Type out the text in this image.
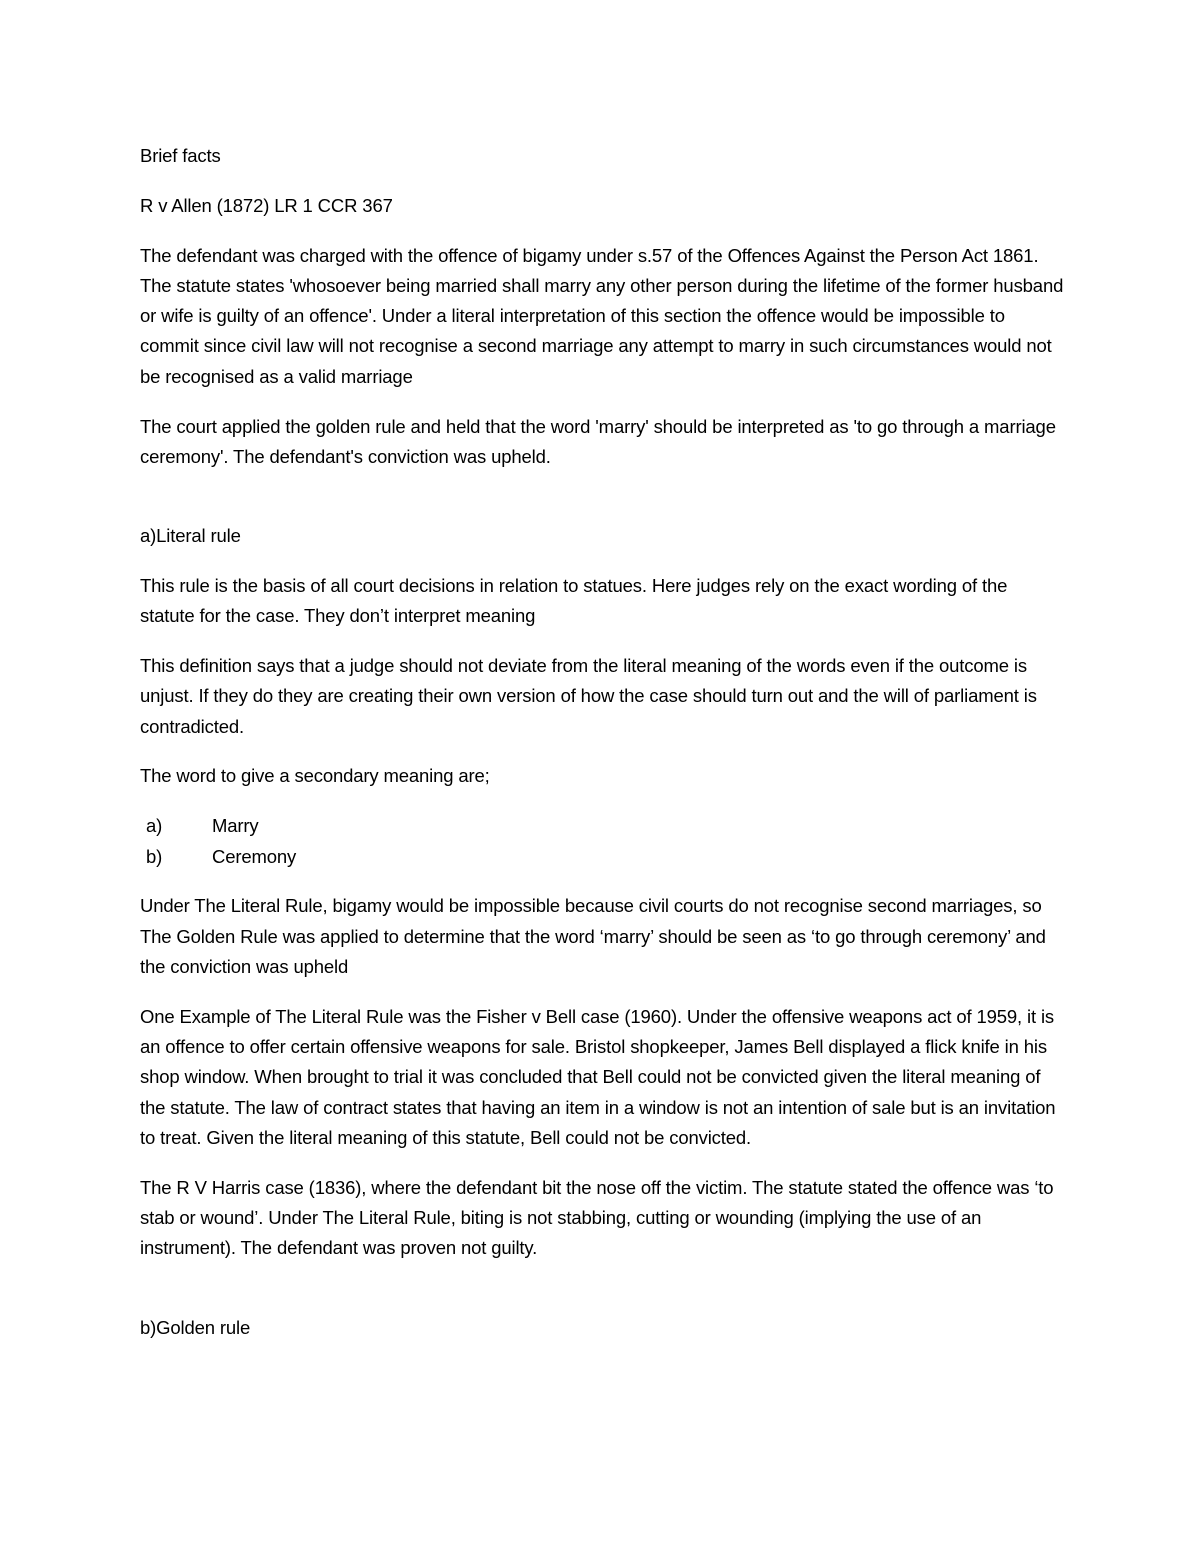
Brief facts

R v Allen (1872) LR 1 CCR 367

The defendant was charged with the offence of bigamy under s.57 of the Offences Against the Person Act 1861. The statute states 'whosoever being married shall marry any other person during the lifetime of the former husband or wife is guilty of an offence'. Under a literal interpretation of this section the offence would be impossible to commit since civil law will not recognise a second marriage any attempt to marry in such circumstances would not be recognised as a valid marriage

The court applied the golden rule and held that the word 'marry' should be interpreted as 'to go through a marriage ceremony'. The defendant's conviction was upheld.

a)Literal rule

This rule is the basis of all court decisions in relation to statues. Here judges rely on the exact wording of the statute for the case. They don’t interpret meaning

This definition says that a judge should not deviate from the literal meaning of the words even if the outcome is unjust. If they do they are creating their own version of how the case should turn out and the will of parliament is contradicted.

The word to give a secondary meaning are;

a)	Marry
b)	Ceremony

Under The Literal Rule, bigamy would be impossible because civil courts do not recognise second marriages, so The Golden Rule was applied to determine that the word ‘marry’ should be seen as ‘to go through ceremony’ and the conviction was upheld

One Example of The Literal Rule was the Fisher v Bell case (1960). Under the offensive weapons act of 1959, it is an offence to offer certain offensive weapons for sale. Bristol shopkeeper, James Bell displayed a flick knife in his shop window. When brought to trial it was concluded that Bell could not be convicted given the literal meaning of the statute. The law of contract states that having an item in a window is not an intention of sale but is an invitation to treat. Given the literal meaning of this statute, Bell could not be convicted.

The R V Harris case (1836), where the defendant bit the nose off the victim. The statute stated the offence was ‘to stab or wound’. Under The Literal Rule, biting is not stabbing, cutting or wounding (implying the use of an instrument). The defendant was proven not guilty.

b)Golden rule
